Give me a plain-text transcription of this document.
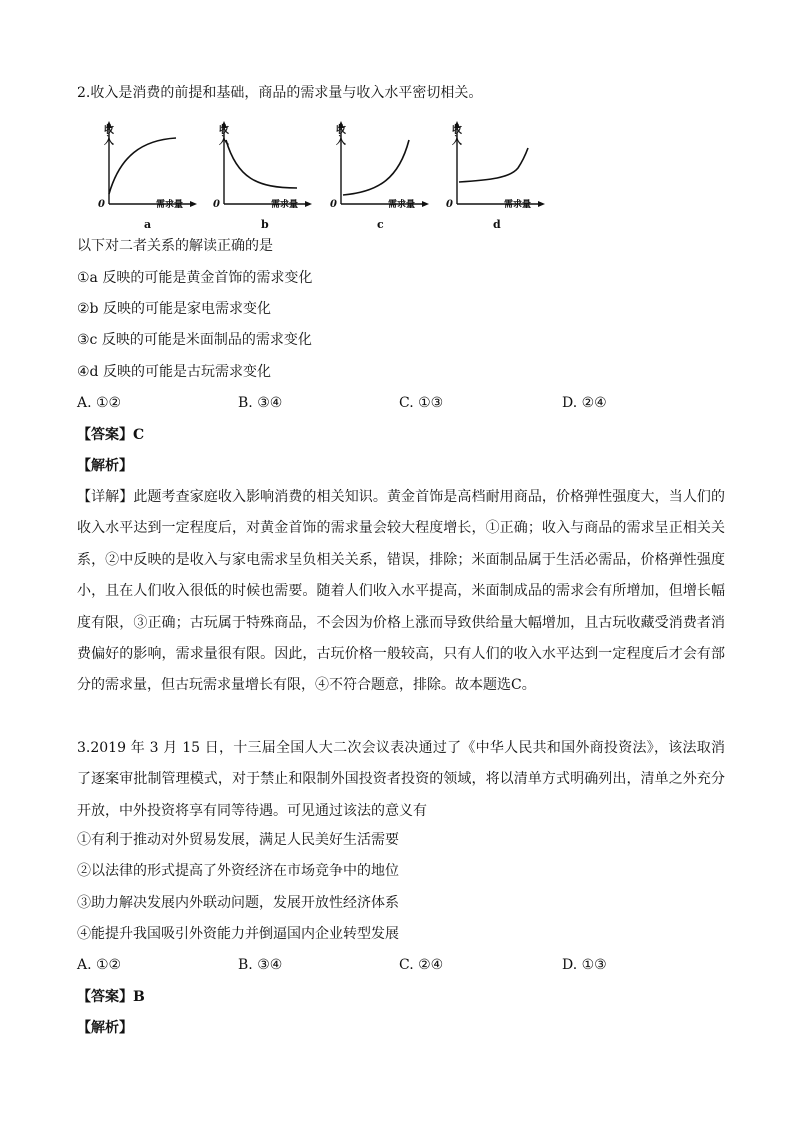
2.收入是消费的前提和基础，商品的需求量与收入水平密切相关。
收
入
0	需求量
a
收
入
0	需求量
b
收
入
0	需求量
c
收
入
0	需求量
d
以下对二者关系的解读正确的是
①a 反映的可能是黄金首饰的需求变化
②b 反映的可能是家电需求变化
③c 反映的可能是米面制品的需求变化
④d 反映的可能是古玩需求变化
A. ①②	B. ③④	C. ①③	D. ②④
【答案】C
【解析】
【详解】此题考查家庭收入影响消费的相关知识。黄金首饰是高档耐用商品，价格弹性强度大，当人们的收入水平达到一定程度后，对黄金首饰的需求量会较大程度增长，①正确；收入与商品的需求呈正相关关系，②中反映的是收入与家电需求呈负相关关系，错误，排除；米面制品属于生活必需品，价格弹性强度小，且在人们收入很低的时候也需要。随着人们收入水平提高，米面制成品的需求会有所增加，但增长幅度有限，③正确；古玩属于特殊商品，不会因为价格上涨而导致供给量大幅增加，且古玩收藏受消费者消费偏好的影响，需求量很有限。因此，古玩价格一般较高，只有人们的收入水平达到一定程度后才会有部分的需求量，但古玩需求量增长有限，④不符合题意，排除。故本题选C。
3.2019 年 3 月 15 日，十三届全国人大二次会议表决通过了《中华人民共和国外商投资法》，该法取消了逐案审批制管理模式，对于禁止和限制外国投资者投资的领域，将以清单方式明确列出，清单之外充分开放，中外投资将享有同等待遇。可见通过该法的意义有
①有利于推动对外贸易发展，满足人民美好生活需要
②以法律的形式提高了外资经济在市场竞争中的地位
③助力解决发展内外联动问题，发展开放性经济体系
④能提升我国吸引外资能力并倒逼国内企业转型发展
A. ①②	B. ③④	C. ②④	D. ①③
【答案】B
【解析】
